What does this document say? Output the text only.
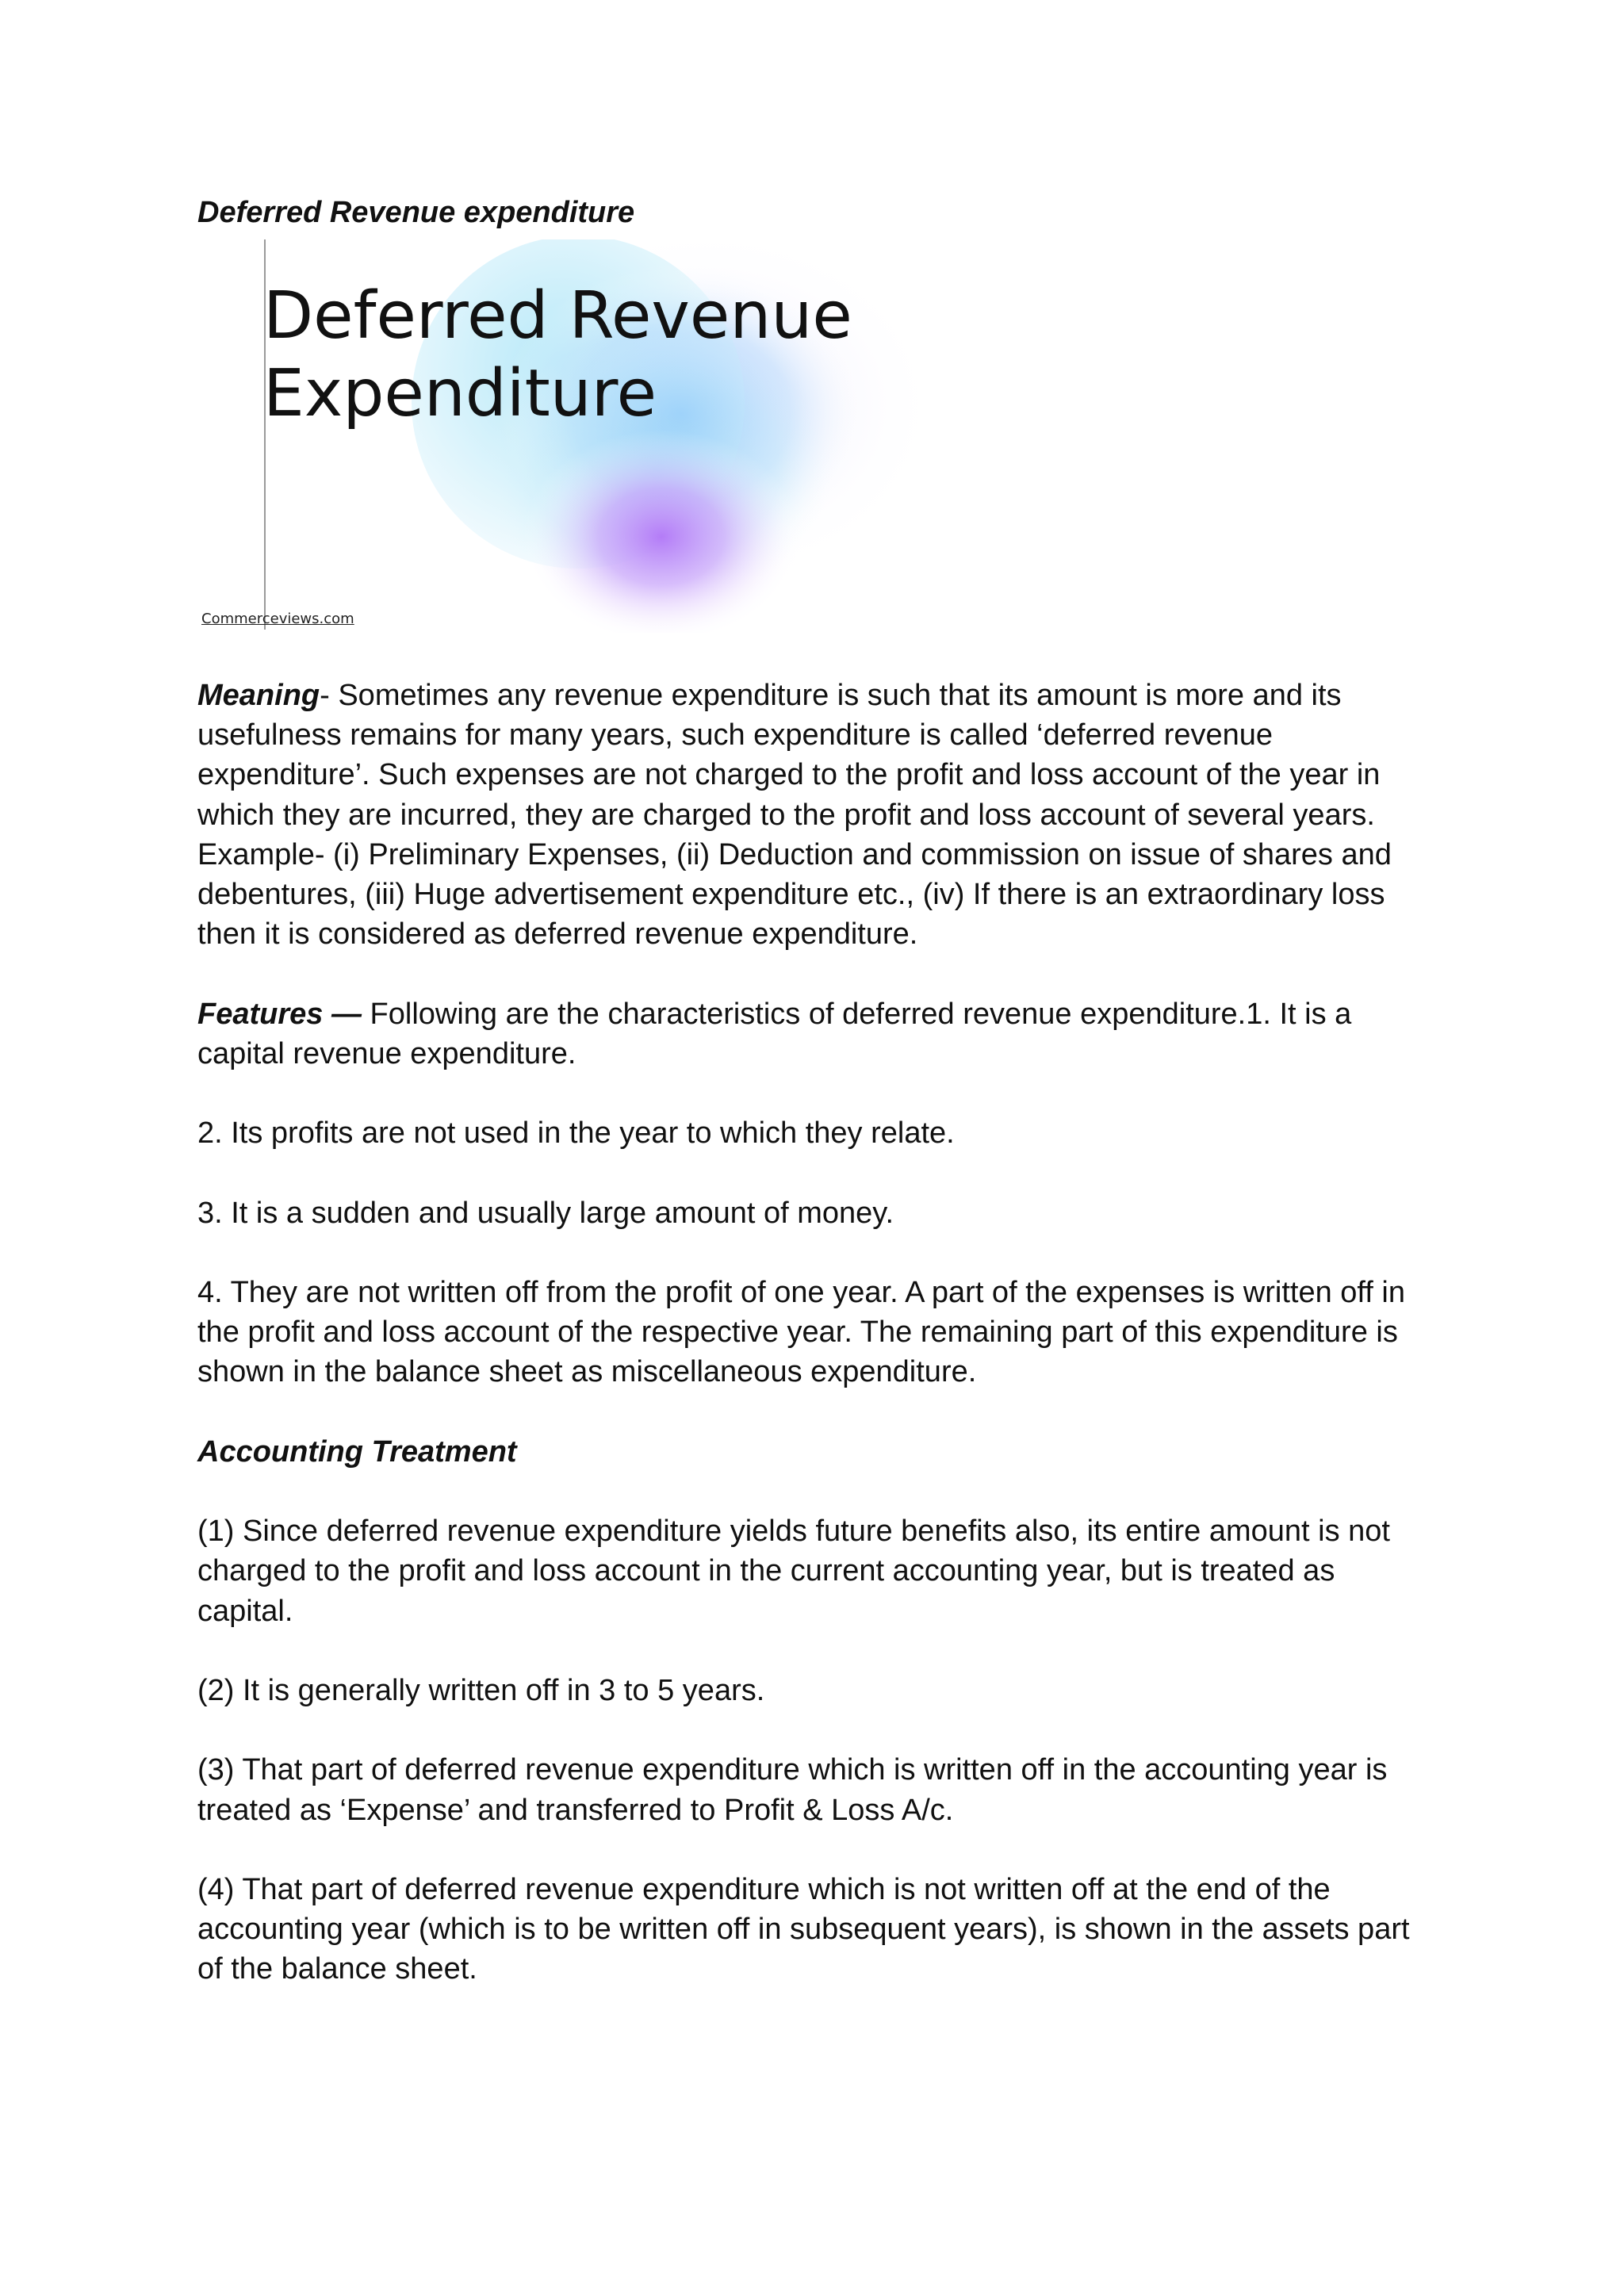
Deferred Revenue expenditure
Deferred Revenue
Expenditure
Commerceviews.com

Meaning- Sometimes any revenue expenditure is such that its amount is more and its usefulness remains for many years, such expenditure is called ‘deferred revenue expenditure’. Such expenses are not charged to the profit and loss account of the year in which they are incurred, they are charged to the profit and loss account of several years. Example- (i) Preliminary Expenses, (ii) Deduction and commission on issue of shares and debentures, (iii) Huge advertisement expenditure etc., (iv) If there is an extraordinary loss then it is considered as deferred revenue expenditure.

Features — Following are the characteristics of deferred revenue expenditure.1. It is a capital revenue expenditure.

2. Its profits are not used in the year to which they relate.

3. It is a sudden and usually large amount of money.

4. They are not written off from the profit of one year. A part of the expenses is written off in the profit and loss account of the respective year. The remaining part of this expenditure is shown in the balance sheet as miscellaneous expenditure.

Accounting Treatment

(1) Since deferred revenue expenditure yields future benefits also, its entire amount is not charged to the profit and loss account in the current accounting year, but is treated as capital.

(2) It is generally written off in 3 to 5 years.

(3) That part of deferred revenue expenditure which is written off in the accounting year is treated as ‘Expense’ and transferred to Profit & Loss A/c.

(4) That part of deferred revenue expenditure which is not written off at the end of the accounting year (which is to be written off in subsequent years), is shown in the assets part of the balance sheet.
